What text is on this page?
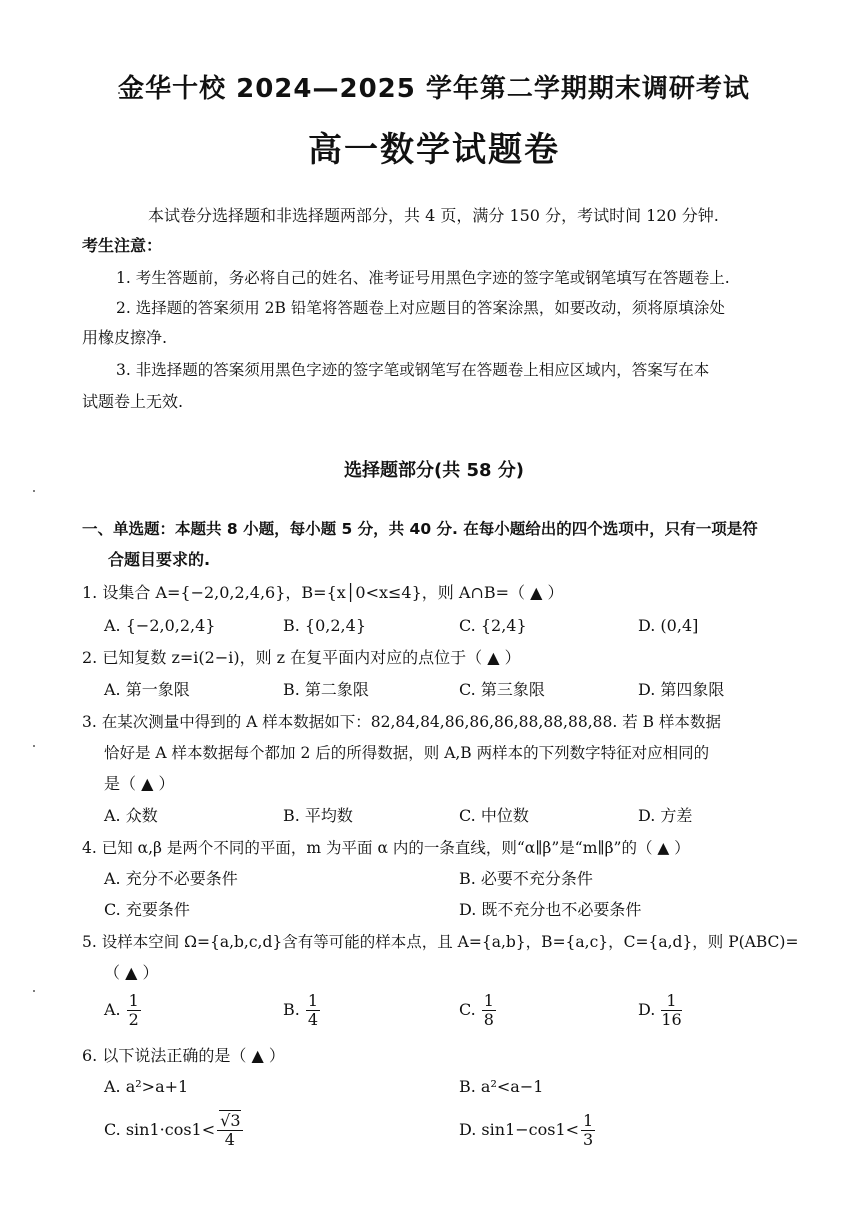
金华十校 2024—2025 学年第二学期期末调研考试
高一数学试题卷
本试卷分选择题和非选择题两部分，共 4 页，满分 150 分，考试时间 120 分钟.
考生注意：
1. 考生答题前，务必将自己的姓名、准考证号用黑色字迹的签字笔或钢笔填写在答题卷上.
2. 选择题的答案须用 2B 铅笔将答题卷上对应题目的答案涂黑，如要改动，须将原填涂处
用橡皮擦净.
3. 非选择题的答案须用黑色字迹的签字笔或钢笔写在答题卷上相应区域内，答案写在本
试题卷上无效.
选择题部分(共 58 分)
一、单选题：本题共 8 小题，每小题 5 分，共 40 分. 在每小题给出的四个选项中，只有一项是符
合题目要求的.
1. 设集合 A={−2,0,2,4,6}，B={x│0<x≤4}，则 A∩B=（ ▲ ）
A. {−2,0,2,4}	B. {0,2,4}	C. {2,4}	D. (0,4]
2. 已知复数 z=i(2−i)，则 z 在复平面内对应的点位于（ ▲ ）
A. 第一象限	B. 第二象限	C. 第三象限	D. 第四象限
3. 在某次测量中得到的 A 样本数据如下：82,84,84,86,86,86,88,88,88,88. 若 B 样本数据
恰好是 A 样本数据每个都加 2 后的所得数据，则 A,B 两样本的下列数字特征对应相同的
是（ ▲ ）
A. 众数	B. 平均数	C. 中位数	D. 方差
4. 已知 α,β 是两个不同的平面，m 为平面 α 内的一条直线，则“α∥β”是“m∥β”的（ ▲ ）
A. 充分不必要条件	B. 必要不充分条件
C. 充要条件	D. 既不充分也不必要条件
5. 设样本空间 Ω={a,b,c,d}含有等可能的样本点，且 A={a,b}，B={a,c}，C={a,d}，则 P(ABC)=
（ ▲ ）
A. $\frac{1}{2}$	B. $\frac{1}{4}$	C. $\frac{1}{8}$	D. $\frac{1}{16}$
6. 以下说法正确的是（ ▲ ）
A. a²>a+1	B. a²<a−1
C. $\sin 1\cdot\cos 1< \frac{√3}{4}$	D. $\sin 1-\cos 1< \frac{1}{3}$
